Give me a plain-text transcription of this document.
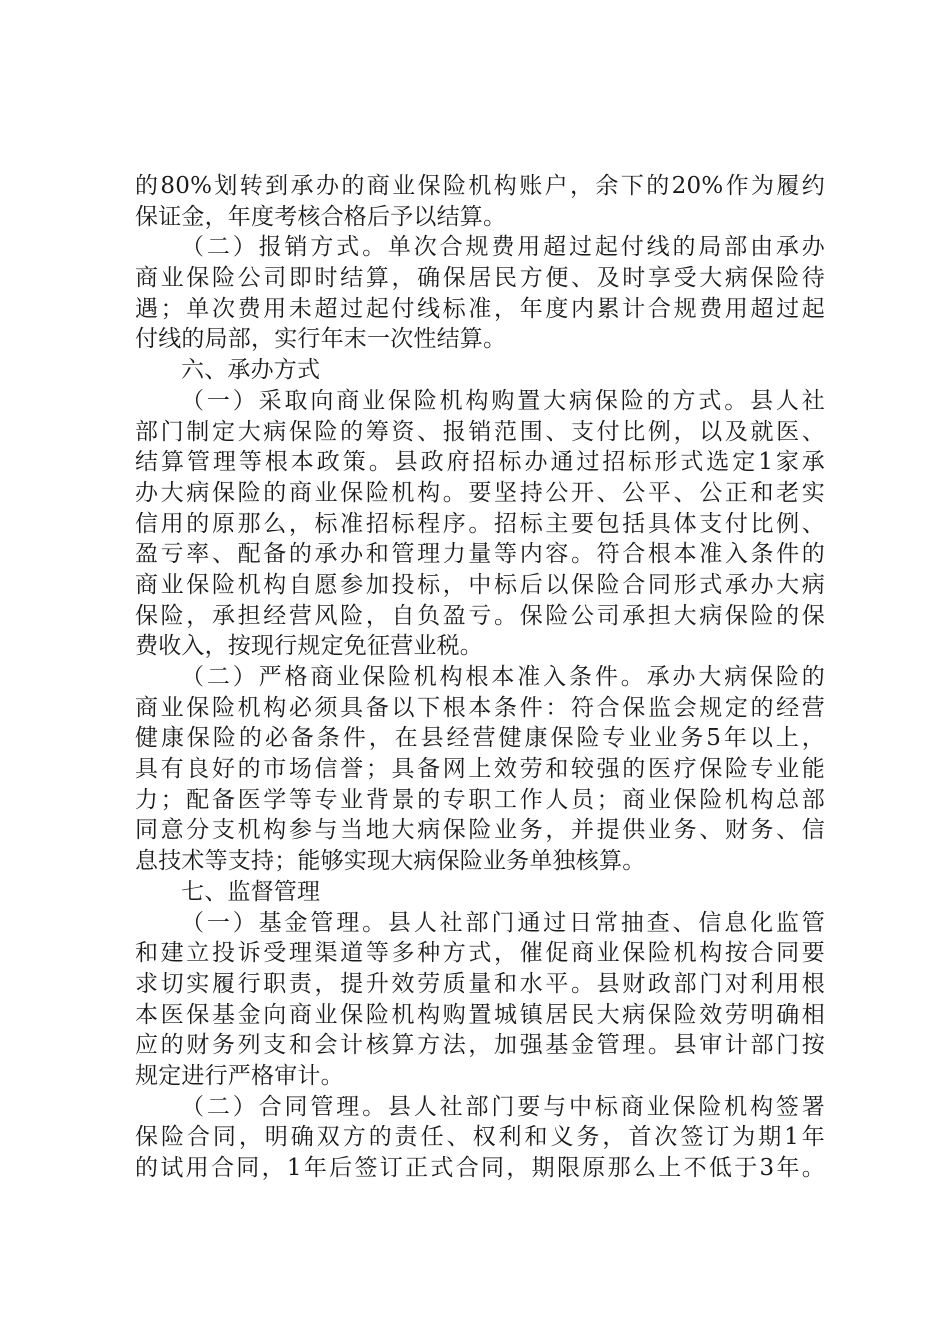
的80%划转到承办的商业保险机构账户，余下的20%作为履约
保证金，年度考核合格后予以结算。
（二）报销方式。单次合规费用超过起付线的局部由承办
商业保险公司即时结算，确保居民方便、及时享受大病保险待
遇；单次费用未超过起付线标准，年度内累计合规费用超过起
付线的局部，实行年末一次性结算。
六、承办方式
（一）采取向商业保险机构购置大病保险的方式。县人社
部门制定大病保险的筹资、报销范围、支付比例，以及就医、
结算管理等根本政策。县政府招标办通过招标形式选定1家承
办大病保险的商业保险机构。要坚持公开、公平、公正和老实
信用的原那么，标准招标程序。招标主要包括具体支付比例、
盈亏率、配备的承办和管理力量等内容。符合根本准入条件的
商业保险机构自愿参加投标，中标后以保险合同形式承办大病
保险，承担经营风险，自负盈亏。保险公司承担大病保险的保
费收入，按现行规定免征营业税。
（二）严格商业保险机构根本准入条件。承办大病保险的
商业保险机构必须具备以下根本条件：符合保监会规定的经营
健康保险的必备条件，在县经营健康保险专业业务5年以上，
具有良好的市场信誉；具备网上效劳和较强的医疗保险专业能
力；配备医学等专业背景的专职工作人员；商业保险机构总部
同意分支机构参与当地大病保险业务，并提供业务、财务、信
息技术等支持；能够实现大病保险业务单独核算。
七、监督管理
（一）基金管理。县人社部门通过日常抽查、信息化监管
和建立投诉受理渠道等多种方式，催促商业保险机构按合同要
求切实履行职责，提升效劳质量和水平。县财政部门对利用根
本医保基金向商业保险机构购置城镇居民大病保险效劳明确相
应的财务列支和会计核算方法，加强基金管理。县审计部门按
规定进行严格审计。
（二）合同管理。县人社部门要与中标商业保险机构签署
保险合同，明确双方的责任、权利和义务，首次签订为期1年
的试用合同，1年后签订正式合同，期限原那么上不低于3年。
